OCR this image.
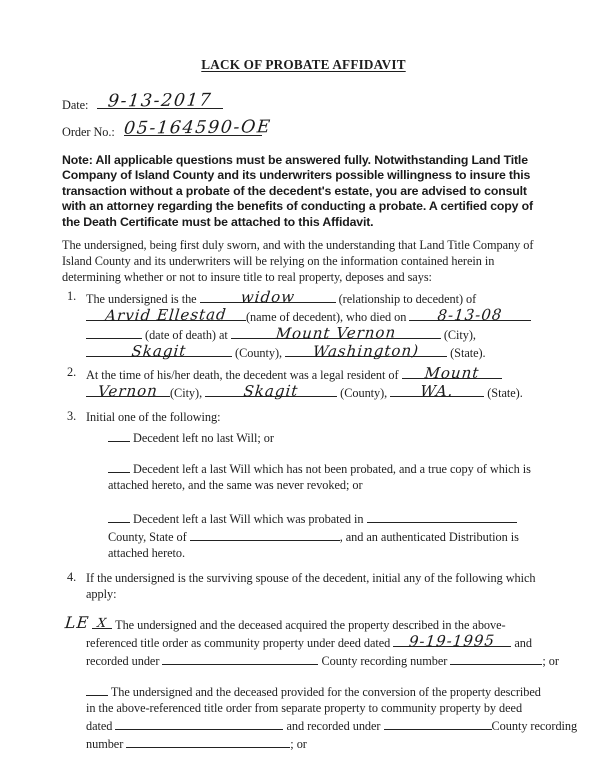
LACK OF PROBATE AFFIDAVIT
Date:	9-13-2017
Order No.: 05-164590-OE
Note: All applicable questions must be answered fully. Notwithstanding Land Title Company of Island County and its underwriters possible willingness to insure this transaction without a probate of the decedent's estate, you are advised to consult with an attorney regarding the benefits of conducting a probate. A certified copy of the Death Certificate must be attached to this Affidavit.
The undersigned, being first duly sworn, and with the understanding that Land Title Company of Island County and its underwriters will be relying on the information contained herein in determining whether or not to insure title to real property, deposes and says:
1. The undersigned is the	widow	(relationship to decedent) of
Arvid Ellestad	(name of decedent), who died on	8-13-08
(date of death) at	Mount Vernon	(City),
Skagit	(County),	Washington)	(State).
2. At the time of his/her death, the decedent was a legal resident of	Mount
Vernon (City),	Skagit	(County),	WA.	(State).
3. Initial one of the following:
Decedent left no last Will; or
Decedent left a last Will which has not been probated, and a true copy of which is
attached hereto, and the same was never revoked; or
Decedent left a last Will which was probated in
County, State of	, and an authenticated Distribution is
attached hereto.
4. If the undersigned is the surviving spouse of the decedent, initial any of the following which
apply:
LE X The undersigned and the deceased acquired the property described in the above-
referenced title order as community property under deed dated	9-19-1995	and
recorded under	County recording number	; or
The undersigned and the deceased provided for the conversion of the property described
in the above-referenced title order from separate property to community property by deed
dated	and recorded under	County recording
number	; or
